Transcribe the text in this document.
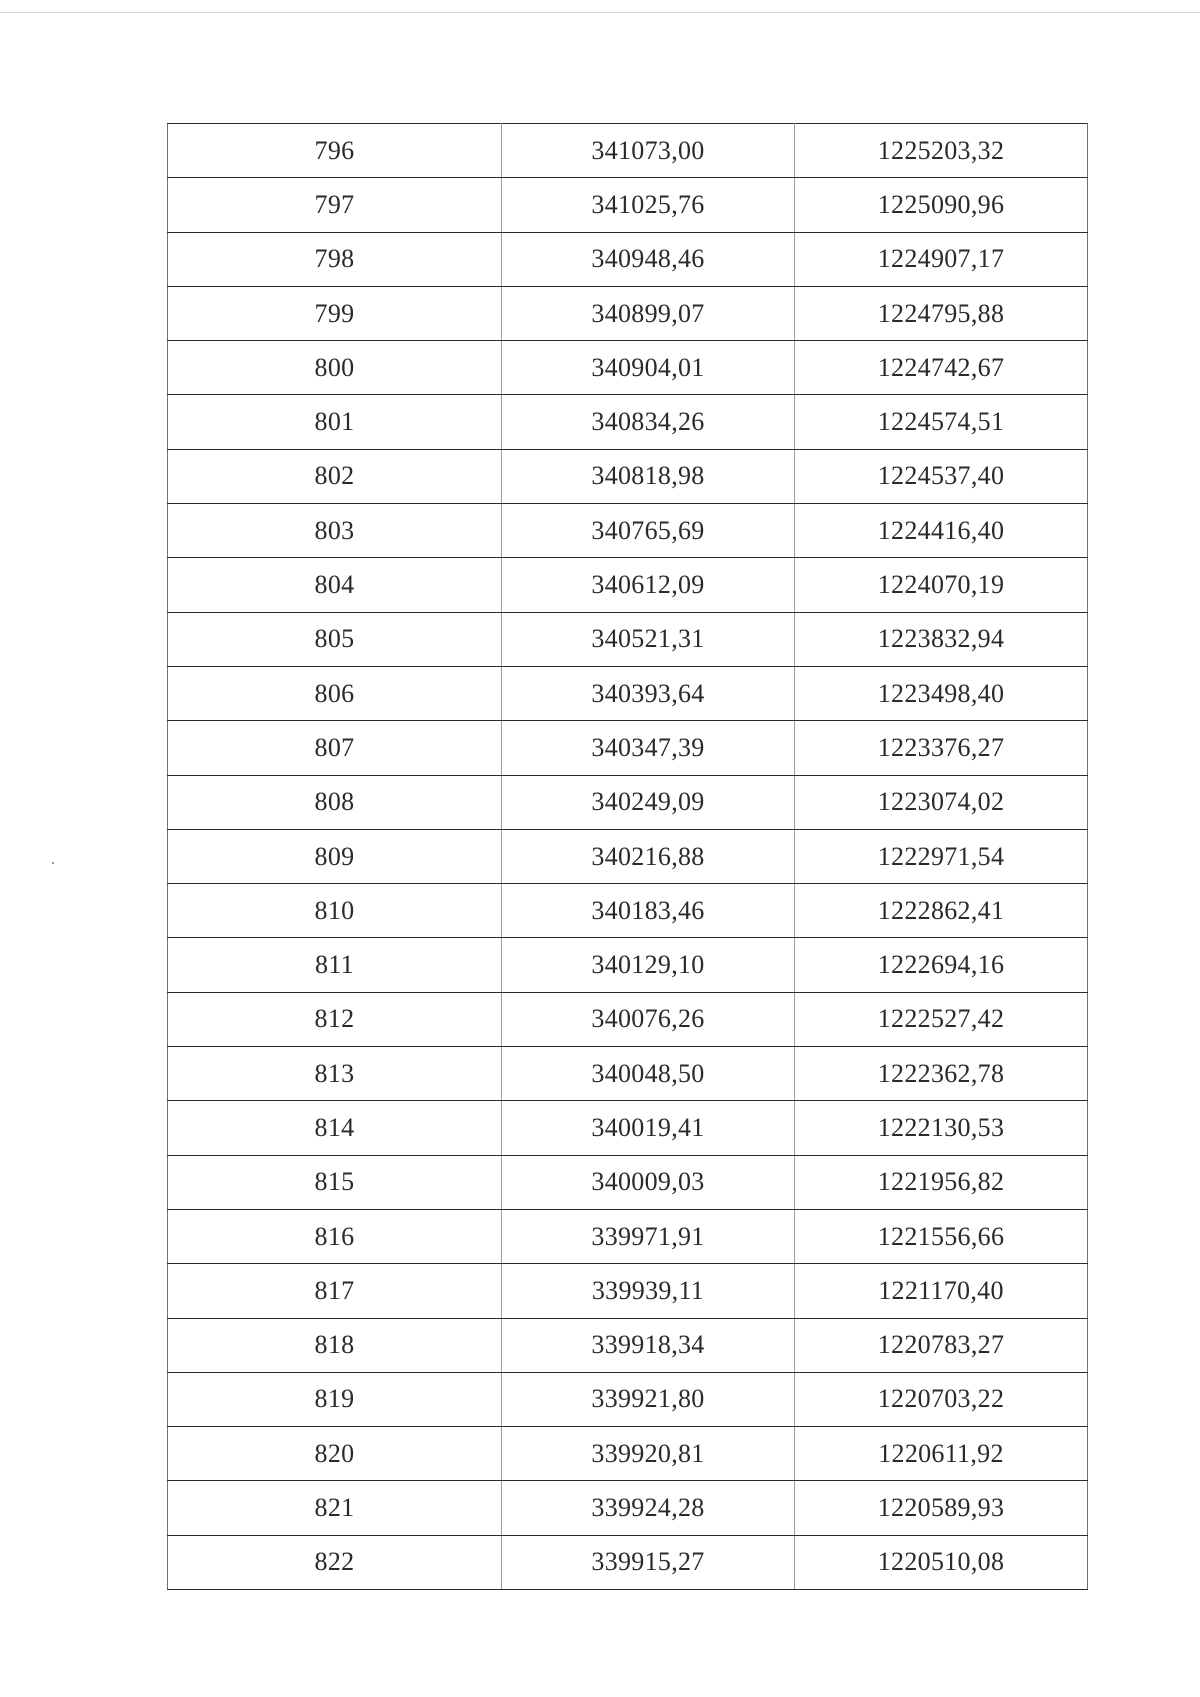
796	341073,00	1225203,32
797	341025,76	1225090,96
798	340948,46	1224907,17
799	340899,07	1224795,88
800	340904,01	1224742,67
801	340834,26	1224574,51
802	340818,98	1224537,40
803	340765,69	1224416,40
804	340612,09	1224070,19
805	340521,31	1223832,94
806	340393,64	1223498,40
807	340347,39	1223376,27
808	340249,09	1223074,02
809	340216,88	1222971,54
810	340183,46	1222862,41
811	340129,10	1222694,16
812	340076,26	1222527,42
813	340048,50	1222362,78
814	340019,41	1222130,53
815	340009,03	1221956,82
816	339971,91	1221556,66
817	339939,11	1221170,40
818	339918,34	1220783,27
819	339921,80	1220703,22
820	339920,81	1220611,92
821	339924,28	1220589,93
822	339915,27	1220510,08
